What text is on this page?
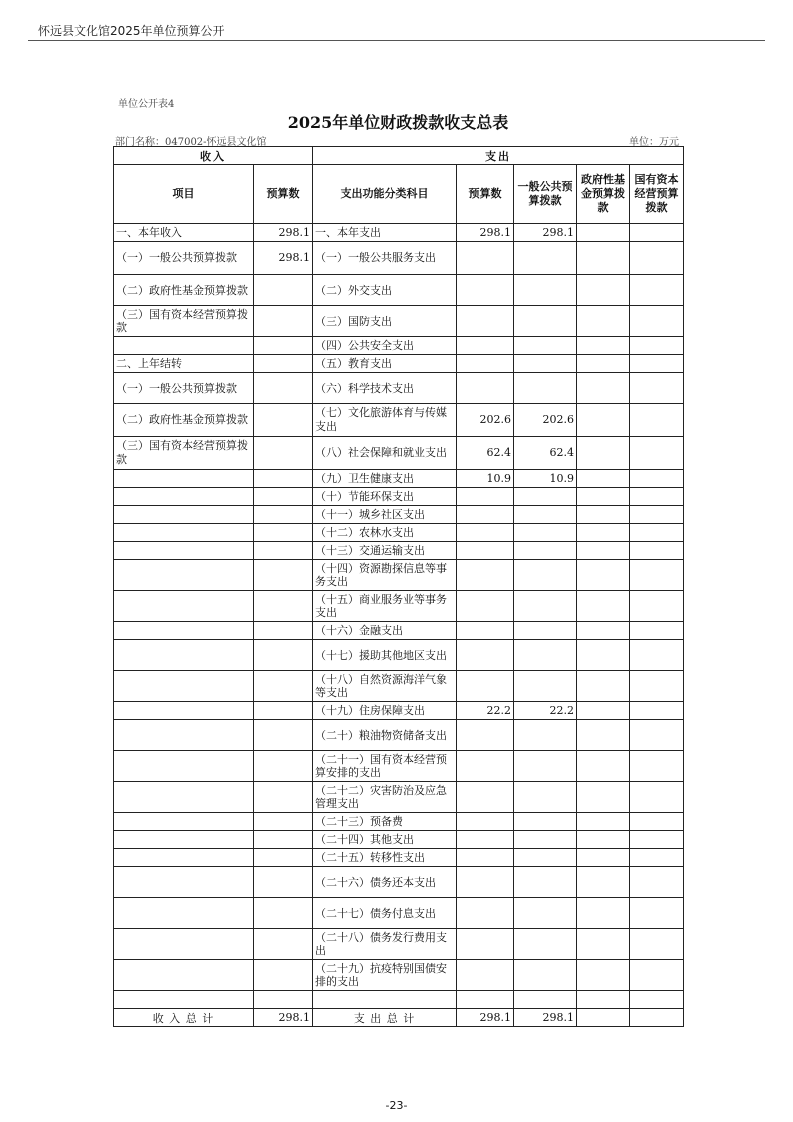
怀远县文化馆2025年单位预算公开
单位公开表4
2025年单位财政拨款收支总表
部门名称：047002-怀远县文化馆	单位：万元
收入		支出				
项目	预算数	支出功能分类科目	预算数	一般公共预算拨款	政府性基金预算拨款	国有资本经营预算拨款
一、本年收入	298.1	一、本年支出	298.1	298.1		
（一）一般公共预算拨款	298.1	（一）一般公共服务支出				
（二）政府性基金预算拨款		（二）外交支出				
（三）国有资本经营预算拨款		（三）国防支出				
		（四）公共安全支出				
二、上年结转		（五）教育支出				
（一）一般公共预算拨款		（六）科学技术支出				
（二）政府性基金预算拨款		（七）文化旅游体育与传媒支出	202.6	202.6		
（三）国有资本经营预算拨款		（八）社会保障和就业支出	62.4	62.4		
		（九）卫生健康支出	10.9	10.9		
		（十）节能环保支出				
		（十一）城乡社区支出				
		（十二）农林水支出				
		（十三）交通运输支出				
		（十四）资源勘探信息等事务支出				
		（十五）商业服务业等事务支出				
		（十六）金融支出				
		（十七）援助其他地区支出				
		（十八）自然资源海洋气象等支出				
		（十九）住房保障支出	22.2	22.2		
		（二十）粮油物资储备支出				
		（二十一）国有资本经营预算安排的支出				
		（二十二）灾害防治及应急管理支出				
		（二十三）预备费				
		（二十四）其他支出				
		（二十五）转移性支出				
		（二十六）债务还本支出				
		（二十七）债务付息支出				
		（二十八）债务发行费用支出				
		（二十九）抗疫特别国债安排的支出				

收 入 总 计	298.1	支 出 总 计	298.1	298.1		
-23-
